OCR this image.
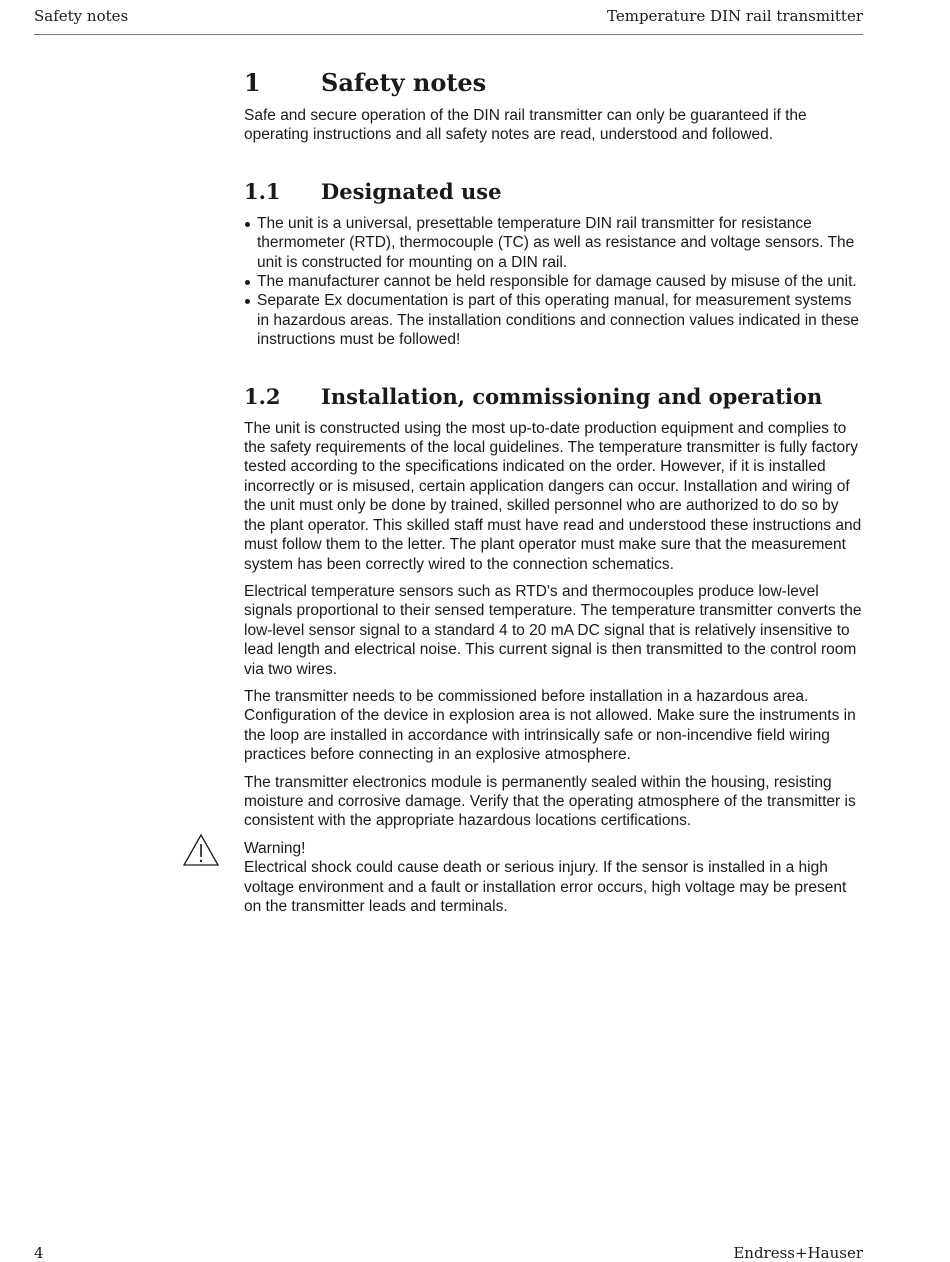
Safety notes	Temperature DIN rail transmitter
1	Safety notes

Safe and secure operation of the DIN rail transmitter can only be guaranteed if the operating instructions and all safety notes are read, understood and followed.

1.1 Designated use
The unit is a universal, presettable temperature DIN rail transmitter for resistance thermometer (RTD), thermocouple (TC) as well as resistance and voltage sensors. The unit is constructed for mounting on a DIN rail.
The manufacturer cannot be held responsible for damage caused by misuse of the unit.
Separate Ex documentation is part of this operating manual, for measurement systems in hazardous areas. The installation conditions and connection values indicated in these instructions must be followed!
1.2 Installation, commissioning and operation

The unit is constructed using the most up-to-date production equipment and complies to the safety requirements of the local guidelines. The temperature transmitter is fully factory tested according to the specifications indicated on the order. However, if it is installed incorrectly or is misused, certain application dangers can occur. Installation and wiring of the unit must only be done by trained, skilled personnel who are authorized to do so by the plant operator. This skilled staff must have read and understood these instructions and must follow them to the letter. The plant operator must make sure that the measurement system has been correctly wired to the connection schematics.

Electrical temperature sensors such as RTD's and thermocouples produce low-level signals proportional to their sensed temperature. The temperature transmitter converts the low-level sensor signal to a standard 4 to 20 mA DC signal that is relatively insensitive to lead length and electrical noise. This current signal is then transmitted to the control room via two wires.

The transmitter needs to be commissioned before installation in a hazardous area. Configuration of the device in explosion area is not allowed. Make sure the instruments in the loop are installed in accordance with intrinsically safe or non-incendive field wiring practices before connecting in an explosive atmosphere.

The transmitter electronics module is permanently sealed within the housing, resisting moisture and corrosive damage. Verify that the operating atmosphere of the transmitter is consistent with the appropriate hazardous locations certifications.

Warning!
Electrical shock could cause death or serious injury. If the sensor is installed in a high voltage environment and a fault or installation error occurs, high voltage may be present on the transmitter leads and terminals.
4	Endress+Hauser
